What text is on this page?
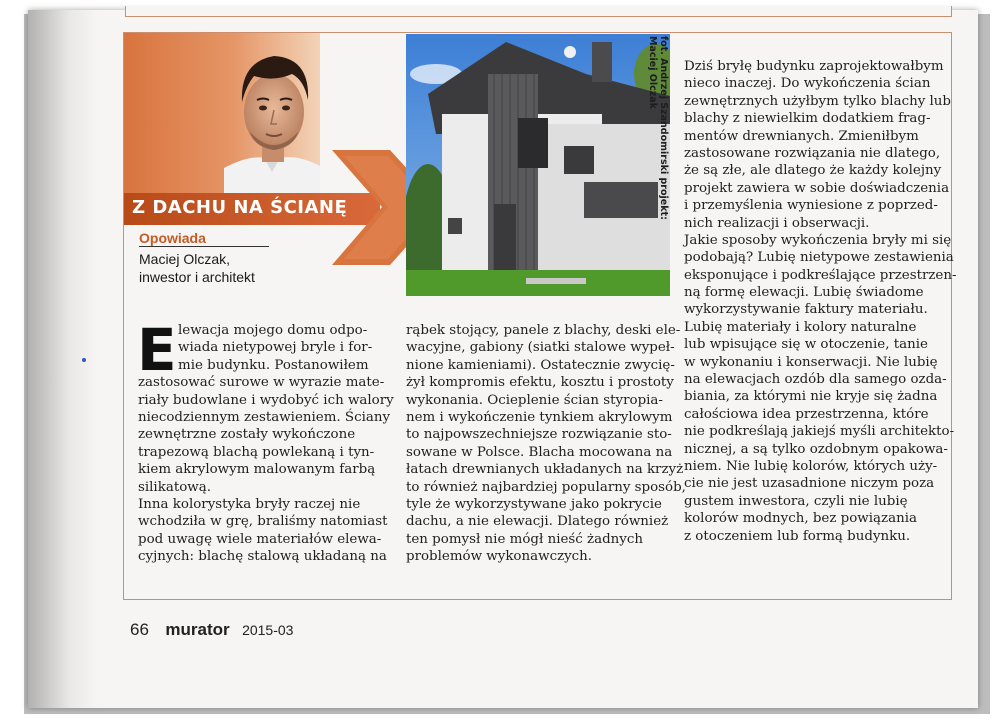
Z DACHU NA ŚCIANĘ
Opowiada
Maciej Olczak,
inwestor i architekt
fot. Andrzej Szandomirski projekt: Maciej Olczak
E lewacja mojego domu odpo-
wiada nietypowej bryle i for-
mie budynku. Postanowiłem
zastosować surowe w wyrazie mate-
riały budowlane i wydobyć ich walory
niecodziennym zestawieniem. Ściany
zewnętrzne zostały wykończone
trapezową blachą powlekaną i tyn-
kiem akrylowym malowanym farbą
silikatową.
Inna kolorystyka bryły raczej nie
wchodziła w grę, braliśmy natomiast
pod uwagę wiele materiałów elewa-
cyjnych: blachę stalową układaną na
rąbek stojący, panele z blachy, deski ele-
wacyjne, gabiony (siatki stalowe wypeł-
nione kamieniami). Ostatecznie zwycię-
żył kompromis efektu, kosztu i prostoty
wykonania. Ocieplenie ścian styropia-
nem i wykończenie tynkiem akrylowym
to najpowszechniejsze rozwiązanie sto-
sowane w Polsce. Blacha mocowana na
łatach drewnianych układanych na krzyż
to również najbardziej popularny sposób,
tyle że wykorzystywane jako pokrycie
dachu, a nie elewacji. Dlatego również
ten pomysł nie mógł nieść żadnych
problemów wykonawczych.
Dziś bryłę budynku zaprojektowałbym
nieco inaczej. Do wykończenia ścian
zewnętrznych użyłbym tylko blachy lub
blachy z niewielkim dodatkiem frag-
mentów drewnianych. Zmieniłbym
zastosowane rozwiązania nie dlatego,
że są złe, ale dlatego że każdy kolejny
projekt zawiera w sobie doświadczenia
i przemyślenia wyniesione z poprzed-
nich realizacji i obserwacji.
Jakie sposoby wykończenia bryły mi się
podobają? Lubię nietypowe zestawienia
eksponujące i podkreślające przestrzen-
ną formę elewacji. Lubię świadome
wykorzystywanie faktury materiału.
Lubię materiały i kolory naturalne
lub wpisujące się w otoczenie, tanie
w wykonaniu i konserwacji. Nie lubię
na elewacjach ozdób dla samego ozda-
biania, za którymi nie kryje się żadna
całościowa idea przestrzenna, które
nie podkreślają jakiejś myśli architekto-
nicznej, a są tylko ozdobnym opakowa-
niem. Nie lubię kolorów, których uży-
cie nie jest uzasadnione niczym poza
gustem inwestora, czyli nie lubię
kolorów modnych, bez powiązania
z otoczeniem lub formą budynku.
66 murator 2015-03
